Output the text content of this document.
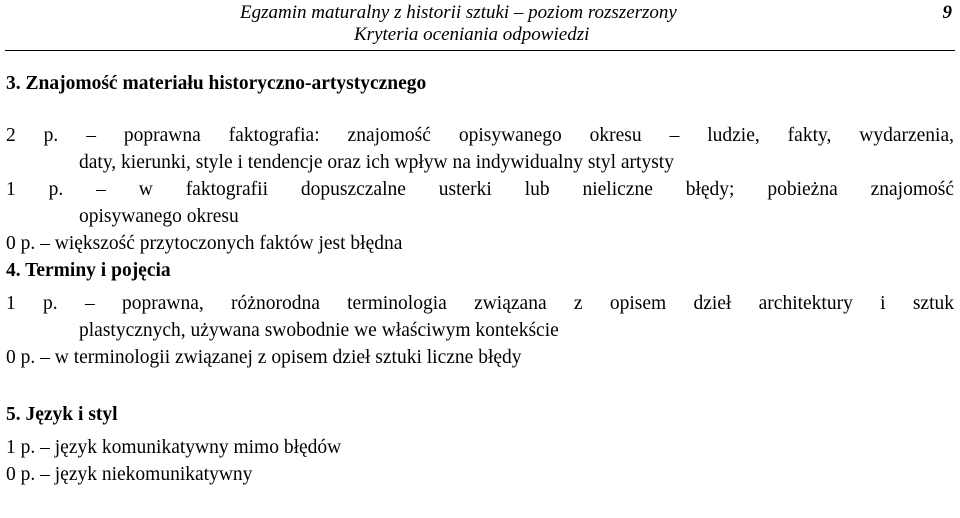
Egzamin maturalny z historii sztuki – poziom rozszerzony
Kryteria oceniania odpowiedzi
9

3. Znajomość materiału historyczno-artystycznego

2 p. – poprawna faktografia: znajomość opisywanego okresu – ludzie, fakty, wydarzenia,
daty, kierunki, style i tendencje oraz ich wpływ na indywidualny styl artysty
1 p. – w faktografii dopuszczalne usterki lub nieliczne błędy; pobieżna znajomość
opisywanego okresu
0 p. – większość przytoczonych faktów jest błędna

4. Terminy i pojęcia

1 p. – poprawna, różnorodna terminologia związana z opisem dzieł architektury i sztuk
plastycznych, używana swobodnie we właściwym kontekście
0 p. – w terminologii związanej z opisem dzieł sztuki liczne błędy

5. Język i styl

1 p. – język komunikatywny mimo błędów
0 p. – język niekomunikatywny
